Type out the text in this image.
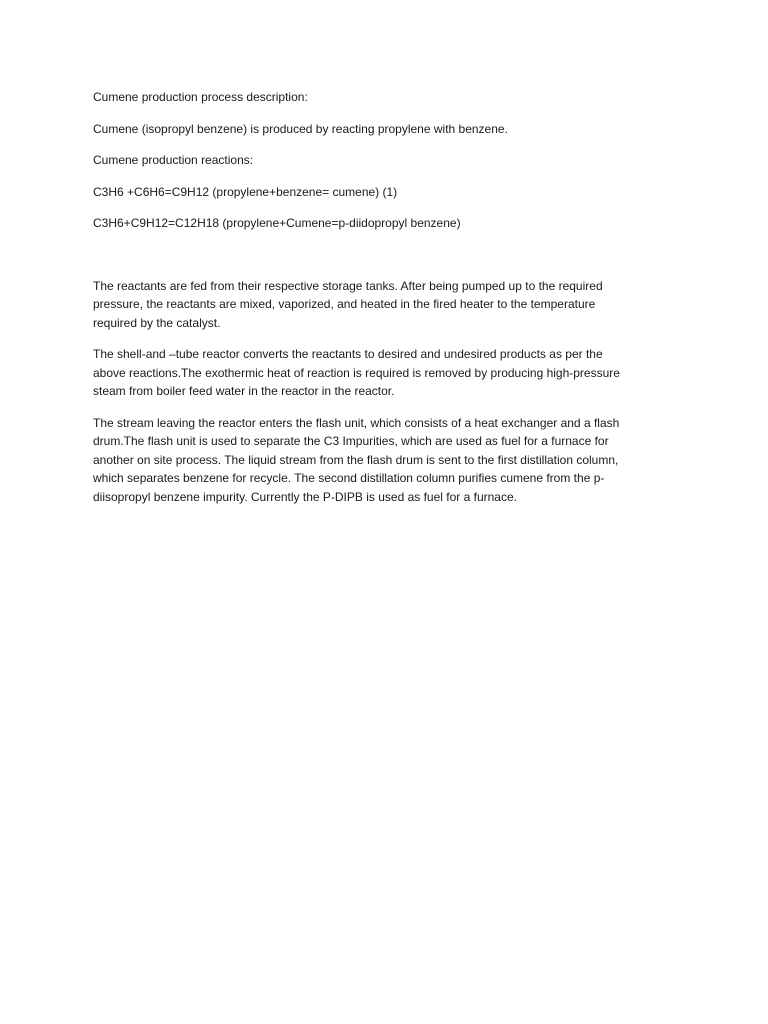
Cumene production process description:

Cumene (isopropyl benzene) is produced by reacting propylene with benzene.

Cumene production reactions:

C3H6 +C6H6=C9H12 (propylene+benzene= cumene) (1)

C3H6+C9H12=C12H18 (propylene+Cumene=p-diidopropyl benzene)

The reactants are fed from their respective storage tanks. After being pumped up to the required
pressure, the reactants are mixed, vaporized, and heated in the fired heater to the temperature
required by the catalyst.

The shell-and –tube reactor converts the reactants to desired and undesired products as per the
above reactions.The exothermic heat of reaction is required is removed by producing high-pressure
steam from boiler feed water in the reactor in the reactor.

The stream leaving the reactor enters the flash unit, which consists of a heat exchanger and a flash
drum.The flash unit is used to separate the C3 Impurities, which are used as fuel for a furnace for
another on site process. The liquid stream from the flash drum is sent to the first distillation column,
which separates benzene for recycle. The second distillation column purifies cumene from the p-
diisopropyl benzene impurity. Currently the P-DIPB is used as fuel for a furnace.
